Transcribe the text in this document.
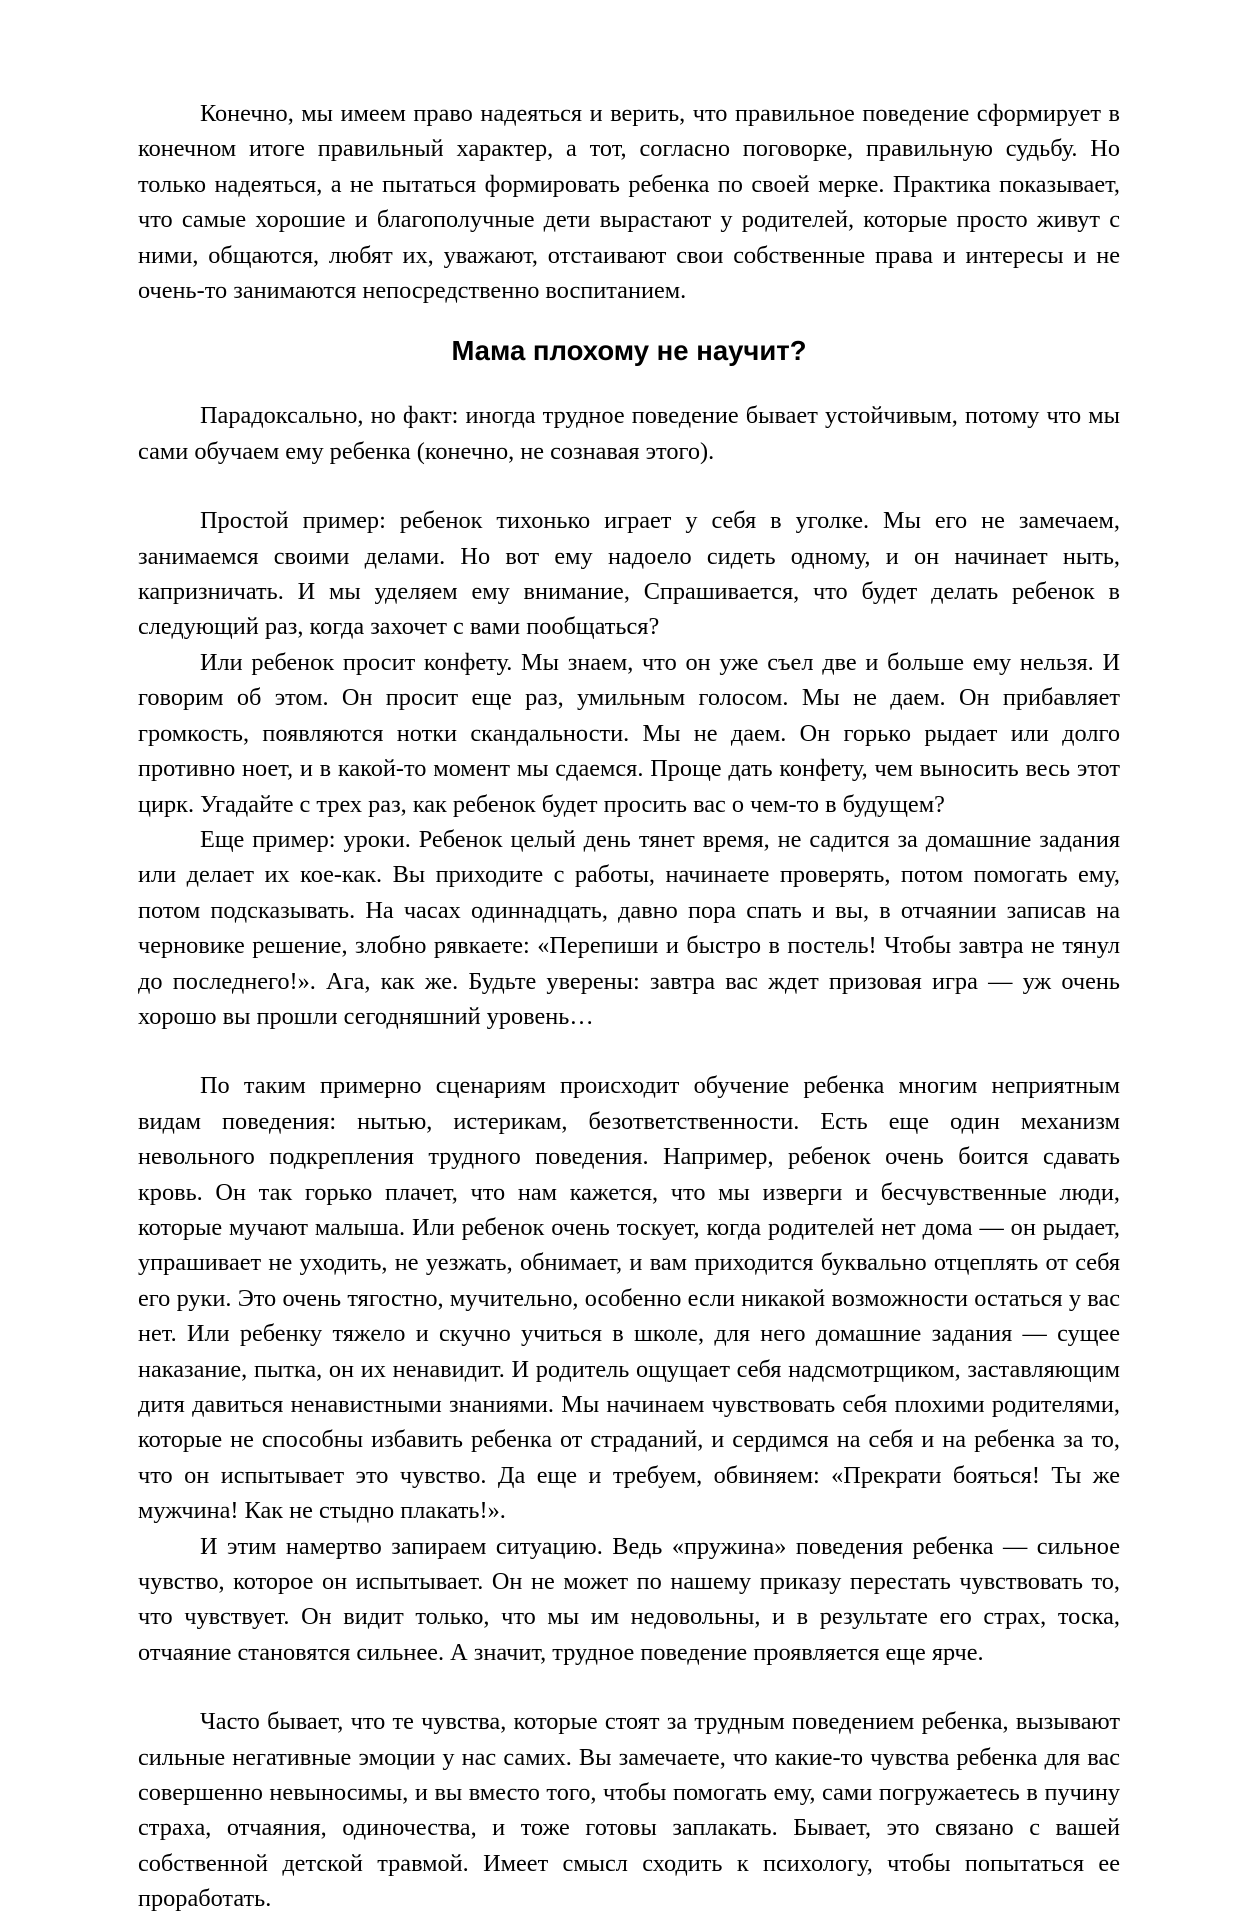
Конечно, мы имеем право надеяться и верить, что правильное поведение сформирует в конечном итоге правильный характер, а тот, согласно поговорке, правильную судьбу. Но только надеяться, а не пытаться формировать ребенка по своей мерке. Практика показывает, что самые хорошие и благополучные дети вырастают у родителей, которые просто живут с ними, общаются, любят их, уважают, отстаивают свои собственные права и интересы и не очень-то занимаются непосредственно воспитанием.

Мама плохому не научит?

Парадоксально, но факт: иногда трудное поведение бывает устойчивым, потому что мы сами обучаем ему ребенка (конечно, не сознавая этого).

Простой пример: ребенок тихонько играет у себя в уголке. Мы его не замечаем, занимаемся своими делами. Но вот ему надоело сидеть одному, и он начинает ныть, капризничать. И мы уделяем ему внимание, Спрашивается, что будет делать ребенок в следующий раз, когда захочет с вами пообщаться?

Или ребенок просит конфету. Мы знаем, что он уже съел две и больше ему нельзя. И говорим об этом. Он просит еще раз, умильным голосом. Мы не даем. Он прибавляет громкость, появляются нотки скандальности. Мы не даем. Он горько рыдает или долго противно ноет, и в какой-то момент мы сдаемся. Проще дать конфету, чем выносить весь этот цирк. Угадайте с трех раз, как ребенок будет просить вас о чем-то в будущем?

Еще пример: уроки. Ребенок целый день тянет время, не садится за домашние задания или делает их кое-как. Вы приходите с работы, начинаете проверять, потом помогать ему, потом подсказывать. На часах одиннадцать, давно пора спать и вы, в отчаянии записав на черновике решение, злобно рявкаете: «Перепиши и быстро в постель! Чтобы завтра не тянул до последнего!». Ага, как же. Будьте уверены: завтра вас ждет призовая игра — уж очень хорошо вы прошли сегодняшний уровень…

По таким примерно сценариям происходит обучение ребенка многим неприятным видам поведения: нытью, истерикам, безответственности. Есть еще один механизм невольного подкрепления трудного поведения. Например, ребенок очень боится сдавать кровь. Он так горько плачет, что нам кажется, что мы изверги и бесчувственные люди, которые мучают малыша. Или ребенок очень тоскует, когда родителей нет дома — он рыдает, упрашивает не уходить, не уезжать, обнимает, и вам приходится буквально отцеплять от себя его руки. Это очень тягостно, мучительно, особенно если никакой возможности остаться у вас нет. Или ребенку тяжело и скучно учиться в школе, для него домашние задания — сущее наказание, пытка, он их ненавидит. И родитель ощущает себя надсмотрщиком, заставляющим дитя давиться ненавистными знаниями. Мы начинаем чувствовать себя плохими родителями, которые не способны избавить ребенка от страданий, и сердимся на себя и на ребенка за то, что он испытывает это чувство. Да еще и требуем, обвиняем: «Прекрати бояться! Ты же мужчина! Как не стыдно плакать!».

И этим намертво запираем ситуацию. Ведь «пружина» поведения ребенка — сильное чувство, которое он испытывает. Он не может по нашему приказу перестать чувствовать то, что чувствует. Он видит только, что мы им недовольны, и в результате его страх, тоска, отчаяние становятся сильнее. А значит, трудное поведение проявляется еще ярче.

Часто бывает, что те чувства, которые стоят за трудным поведением ребенка, вызывают сильные негативные эмоции у нас самих. Вы замечаете, что какие-то чувства ребенка для вас совершенно невыносимы, и вы вместо того, чтобы помогать ему, сами погружаетесь в пучину страха, отчаяния, одиночества, и тоже готовы заплакать. Бывает, это связано с вашей собственной детской травмой. Имеет смысл сходить к психологу, чтобы попытаться ее проработать.
